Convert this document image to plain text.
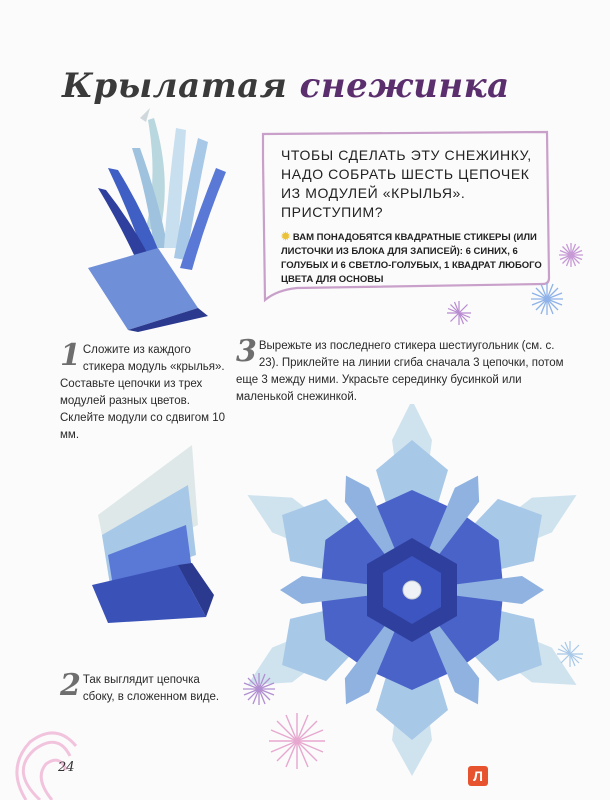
Крылатая снежинка
ЧТОБЫ СДЕЛАТЬ ЭТУ СНЕЖИНКУ, НАДО СОБРАТЬ ШЕСТЬ ЦЕПОЧЕК ИЗ МОДУЛЕЙ «КРЫЛЬЯ». ПРИСТУПИМ?
✹ ВАМ ПОНАДОБЯТСЯ КВАДРАТНЫЕ СТИКЕРЫ (ИЛИ ЛИСТОЧКИ ИЗ БЛОКА ДЛЯ ЗАПИСЕЙ): 6 СИНИХ, 6 ГОЛУБЫХ И 6 СВЕТЛО-ГОЛУБЫХ, 1 КВАДРАТ ЛЮБОГО ЦВЕТА ДЛЯ ОСНОВЫ
1 Сложите из каждого стикера модуль «крылья». Составьте цепочки из трех модулей разных цветов. Склейте модули со сдвигом 10 мм.
3 Вырежьте из последнего стикера шестиугольник (см. с. 23). Приклейте на линии сгиба сначала 3 цепочки, потом еще 3 между ними. Украсьте серединку бусинкой или маленькой снежинкой.
2 Так выглядит цепочка сбоку, в сложенном виде.
24
Л
